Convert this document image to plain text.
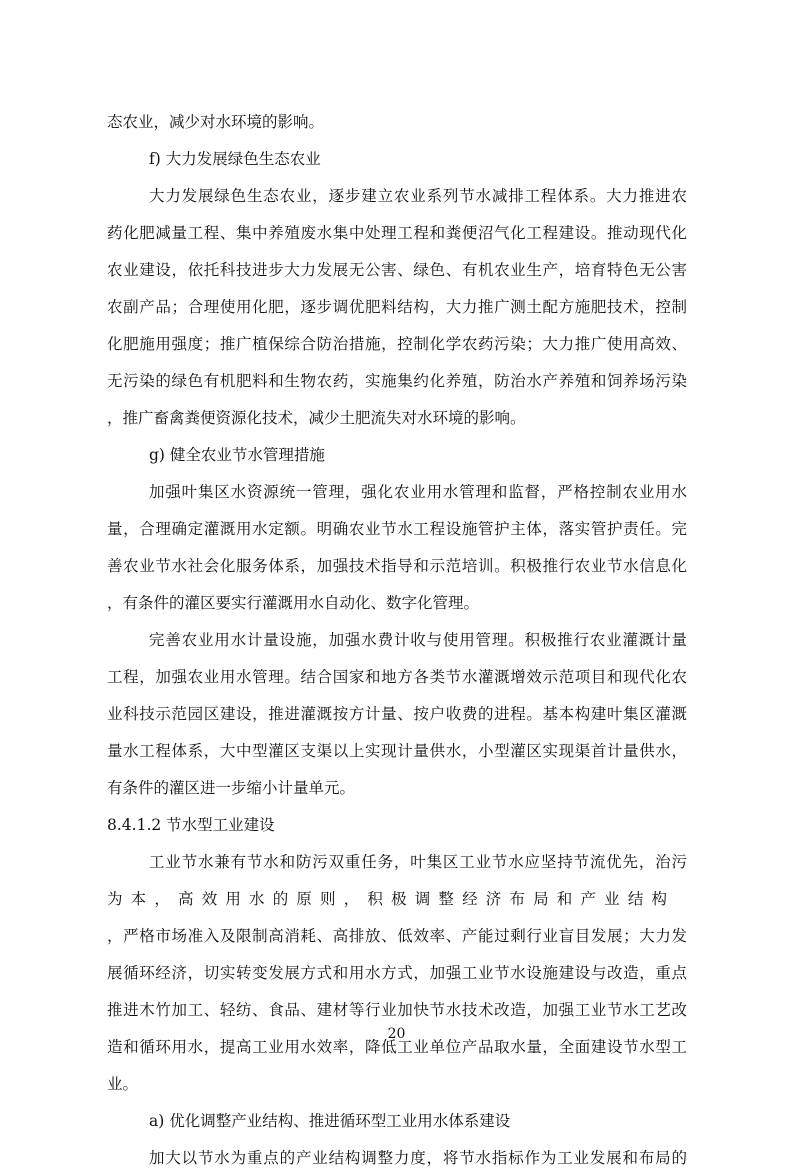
态农业，减少对水环境的影响。
f) 大力发展绿色生态农业
大力发展绿色生态农业，逐步建立农业系列节水减排工程体系。大力推进农
药化肥减量工程、集中养殖废水集中处理工程和粪便沼气化工程建设。推动现代化
农业建设，依托科技进步大力发展无公害、绿色、有机农业生产，培育特色无公害
农副产品；合理使用化肥，逐步调优肥料结构，大力推广测土配方施肥技术，控制
化肥施用强度；推广植保综合防治措施，控制化学农药污染；大力推广使用高效、
无污染的绿色有机肥料和生物农药，实施集约化养殖，防治水产养殖和饲养场污染
，推广畜禽粪便资源化技术，减少土肥流失对水环境的影响。
g) 健全农业节水管理措施
加强叶集区水资源统一管理，强化农业用水管理和监督，严格控制农业用水
量，合理确定灌溉用水定额。明确农业节水工程设施管护主体，落实管护责任。完
善农业节水社会化服务体系，加强技术指导和示范培训。积极推行农业节水信息化
，有条件的灌区要实行灌溉用水自动化、数字化管理。
完善农业用水计量设施，加强水费计收与使用管理。积极推行农业灌溉计量
工程，加强农业用水管理。结合国家和地方各类节水灌溉增效示范项目和现代化农
业科技示范园区建设，推进灌溉按方计量、按户收费的进程。基本构建叶集区灌溉
量水工程体系，大中型灌区支渠以上实现计量供水，小型灌区实现渠首计量供水，
有条件的灌区进一步缩小计量单元。
8.4.1.2 节水型工业建设
工业节水兼有节水和防污双重任务，叶集区工业节水应坚持节流优先，治污
为本，高效用水的原则，积极调整经济布局和产业结构
，严格市场准入及限制高消耗、高排放、低效率、产能过剩行业盲目发展；大力发
展循环经济，切实转变发展方式和用水方式，加强工业节水设施建设与改造，重点
推进木竹加工、轻纺、食品、建材等行业加快节水技术改造，加强工业节水工艺改
造和循环用水，提高工业用水效率，降低工业单位产品取水量，全面建设节水型工
业。
a) 优化调整产业结构、推进循环型工业用水体系建设
加大以节水为重点的产业结构调整力度，将节水指标作为工业发展和布局的
20
